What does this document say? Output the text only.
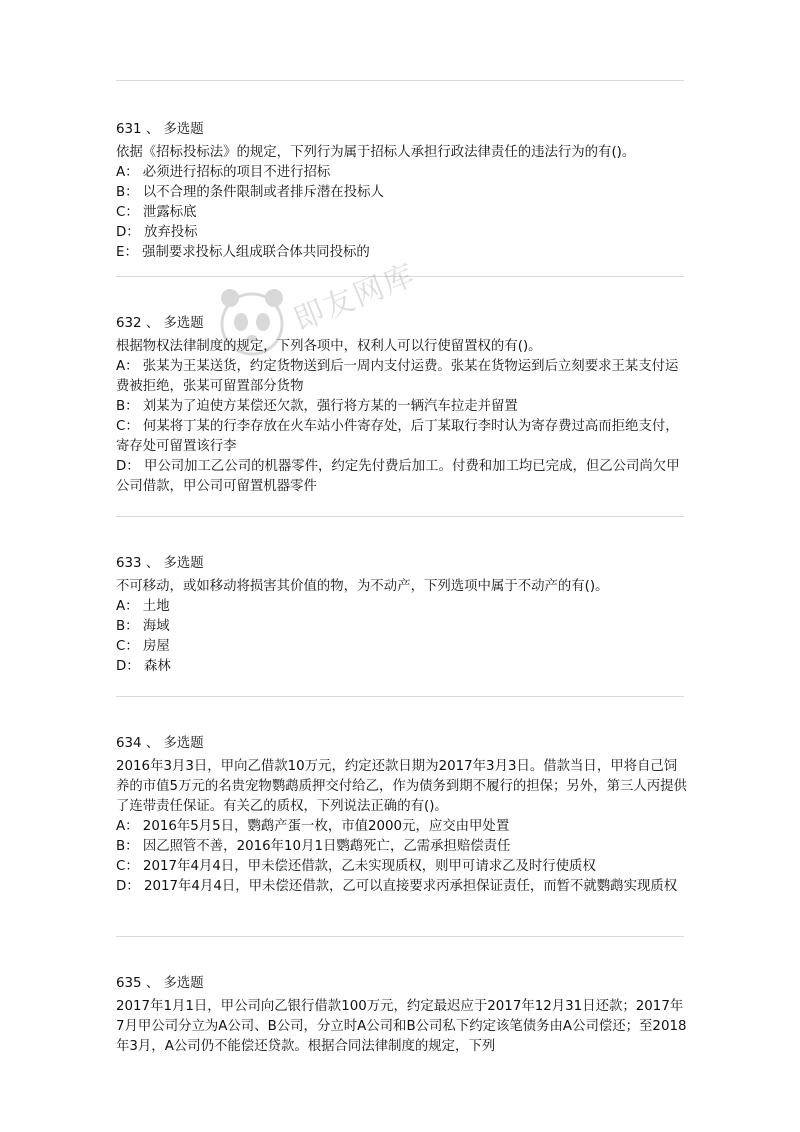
631 、 多选题

依据《招标投标法》的规定，下列行为属于招标人承担行政法律责任的违法行为的有()。

A： 必须进行招标的项目不进行招标

B： 以不合理的条件限制或者排斥潜在投标人

C： 泄露标底

D： 放弃投标

E： 强制要求投标人组成联合体共同投标的

632 、 多选题

根据物权法律制度的规定，下列各项中，权利人可以行使留置权的有()。

A： 张某为王某送货，约定货物送到后一周内支付运费。张某在货物运到后立刻要求王某支付运费被拒绝，张某可留置部分货物

B： 刘某为了迫使方某偿还欠款，强行将方某的一辆汽车拉走并留置

C： 何某将丁某的行李存放在火车站小件寄存处，后丁某取行李时认为寄存费过高而拒绝支付，寄存处可留置该行李

D： 甲公司加工乙公司的机器零件，约定先付费后加工。付费和加工均已完成，但乙公司尚欠甲公司借款，甲公司可留置机器零件

633 、 多选题

不可移动，或如移动将损害其价值的物，为不动产，下列选项中属于不动产的有()。

A： 土地

B： 海域

C： 房屋

D： 森林

634 、 多选题

2016年3月3日，甲向乙借款10万元，约定还款日期为2017年3月3日。借款当日，甲将自己饲养的市值5万元的名贵宠物鹦鹉质押交付给乙，作为债务到期不履行的担保；另外，第三人丙提供了连带责任保证。有关乙的质权，下列说法正确的有()。

A： 2016年5月5日，鹦鹉产蛋一枚，市值2000元，应交由甲处置

B： 因乙照管不善，2016年10月1日鹦鹉死亡，乙需承担赔偿责任

C： 2017年4月4日，甲未偿还借款，乙未实现质权，则甲可请求乙及时行使质权

D： 2017年4月4日，甲未偿还借款，乙可以直接要求丙承担保证责任，而暂不就鹦鹉实现质权

635 、 多选题

2017年1月1日，甲公司向乙银行借款100万元，约定最迟应于2017年12月31日还款；2017年7月甲公司分立为A公司、B公司，分立时A公司和B公司私下约定该笔债务由A公司偿还；至2018年3月，A公司仍不能偿还贷款。根据合同法律制度的规定，下列

即友网库
